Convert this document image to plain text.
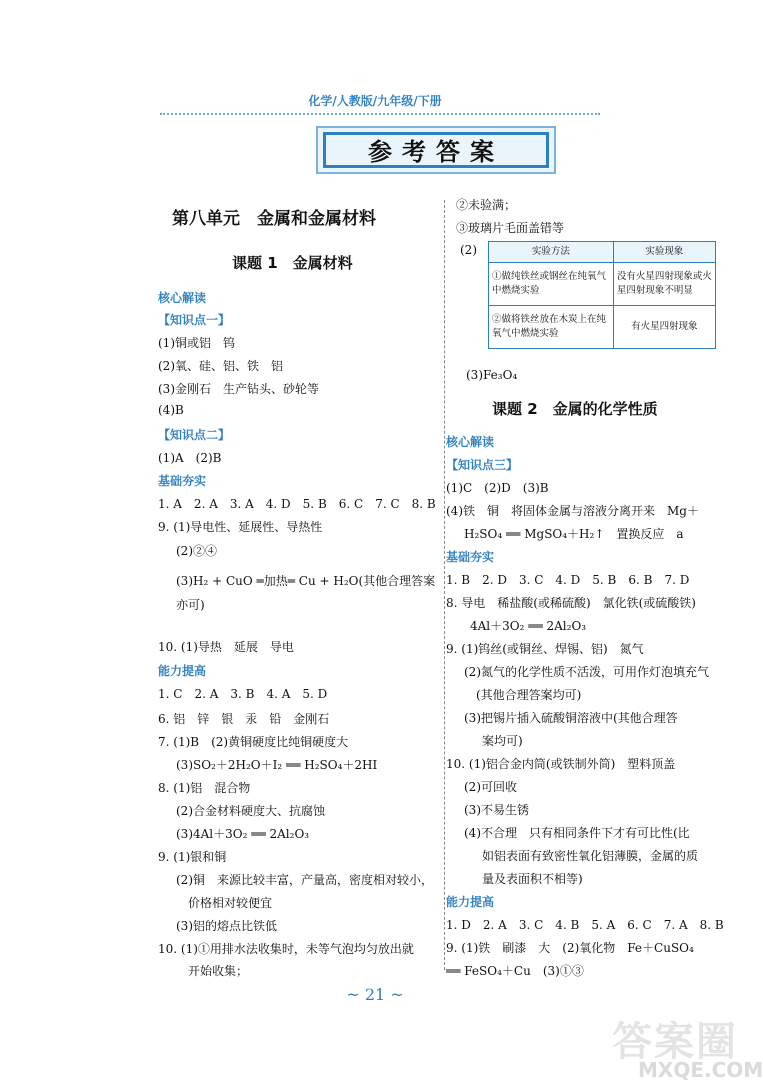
化学/人教版/九年级/下册
参考答案
第八单元　金属和金属材料
课题 1　金属材料
核心解读
【知识点一】
(1)铜或铝　钨
(2)氧、硅、铝、铁　铝
(3)金刚石　生产钻头、砂轮等
(4)B
【知识点二】
(1)A　(2)B
基础夯实
1. A　2. A　3. A　4. D　5. B　6. C　7. C　8. B
9. (1)导电性、延展性、导热性
　(2)②④
　(3)H₂ + CuO ═加热═ Cu + H₂O(其他合理答案
　亦可)
10. (1)导热　延展　导电
能力提高
1. C　2. A　3. B　4. A　5. D
6. 铝　锌　银　汞　铅　金刚石
7. (1)B　(2)黄铜硬度比纯铜硬度大
　(3)SO₂＋2H₂O＋I₂ ══ H₂SO₄＋2HI
8. (1)铝　混合物
　(2)合金材料硬度大、抗腐蚀
　(3)4Al＋3O₂ ══ 2Al₂O₃
9. (1)银和铜
　(2)铜　来源比较丰富，产量高，密度相对较小，
　价格相对较便宜
　(3)铝的熔点比铁低
10. (1)①用排水法收集时，未等气泡均匀放出就
　开始收集；
②未验满；
③玻璃片毛面盖错等
(2)	实验方法	实验现象
①做纯铁丝或钢丝在纯氧气中燃烧实验	没有火星四射现象或火星四射现象不明显
②做将铁丝放在木炭上在纯氧气中燃烧实验	有火星四射现象
(3)Fe₃O₄
课题 2　金属的化学性质
核心解读
【知识点三】
(1)C　(2)D　(3)B
(4)铁　铜　将固体金属与溶液分离开来　Mg＋
　H₂SO₄ ══ MgSO₄＋H₂↑　置换反应　a
基础夯实
1. B　2. D　3. C　4. D　5. B　6. B　7. D
8. 导电　稀盐酸(或稀硫酸)　氯化铁(或硫酸铁)
　4Al＋3O₂ ══ 2Al₂O₃
9. (1)钨丝(或铜丝、焊锡、铝)　氮气
　(2)氮气的化学性质不活泼，可用作灯泡填充气
　(其他合理答案均可)
　(3)把锡片插入硫酸铜溶液中(其他合理答
　案均可)
10. (1)铝合金内筒(或铁制外筒)　塑料顶盖
　(2)可回收
　(3)不易生锈
　(4)不合理　只有相同条件下才有可比性(比
　如铝表面有致密性氧化铝薄膜，金属的质
　量及表面积不相等)
能力提高
1. D　2. A　3. C　4. B　5. A　6. C　7. A　8. B
9. (1)铁　刷漆　大　(2)氧化物　Fe＋CuSO₄
══ FeSO₄＋Cu　(3)①③
~ 21 ~
答案圈
MXQE.COM
